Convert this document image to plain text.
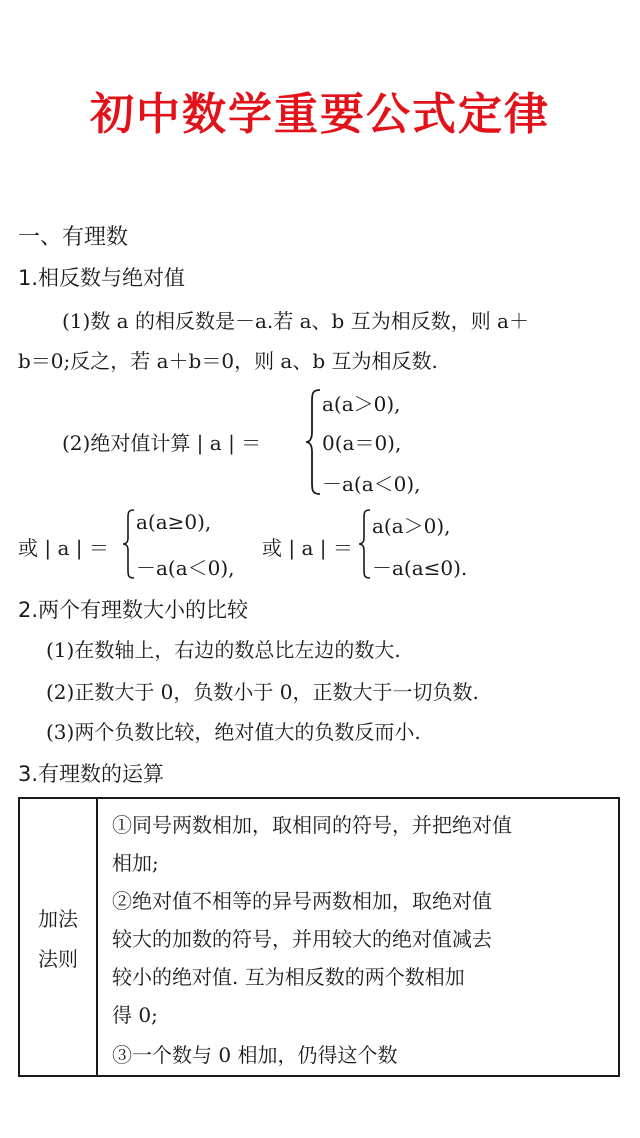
初中数学重要公式定律
一、有理数
1.相反数与绝对值
(1)数 a 的相反数是－a.若 a、b 互为相反数，则 a＋
b＝0;反之，若 a＋b＝0，则 a、b 互为相反数.
(2)绝对值计算 | a | ＝
a(a＞0),
0(a＝0),
－a(a＜0),
或 | a | ＝
a(a≥0),
－a(a＜0),
或 | a | ＝
a(a＞0),
－a(a≤0).
2.两个有理数大小的比较
(1)在数轴上，右边的数总比左边的数大.
(2)正数大于 0，负数小于 0，正数大于一切负数.
(3)两个负数比较，绝对值大的负数反而小.
3.有理数的运算
加法
法则
①同号两数相加，取相同的符号，并把绝对值
相加;
②绝对值不相等的异号两数相加，取绝对值
较大的加数的符号，并用较大的绝对值减去
较小的绝对值. 互为相反数的两个数相加
得 0;
③一个数与 0 相加，仍得这个数
